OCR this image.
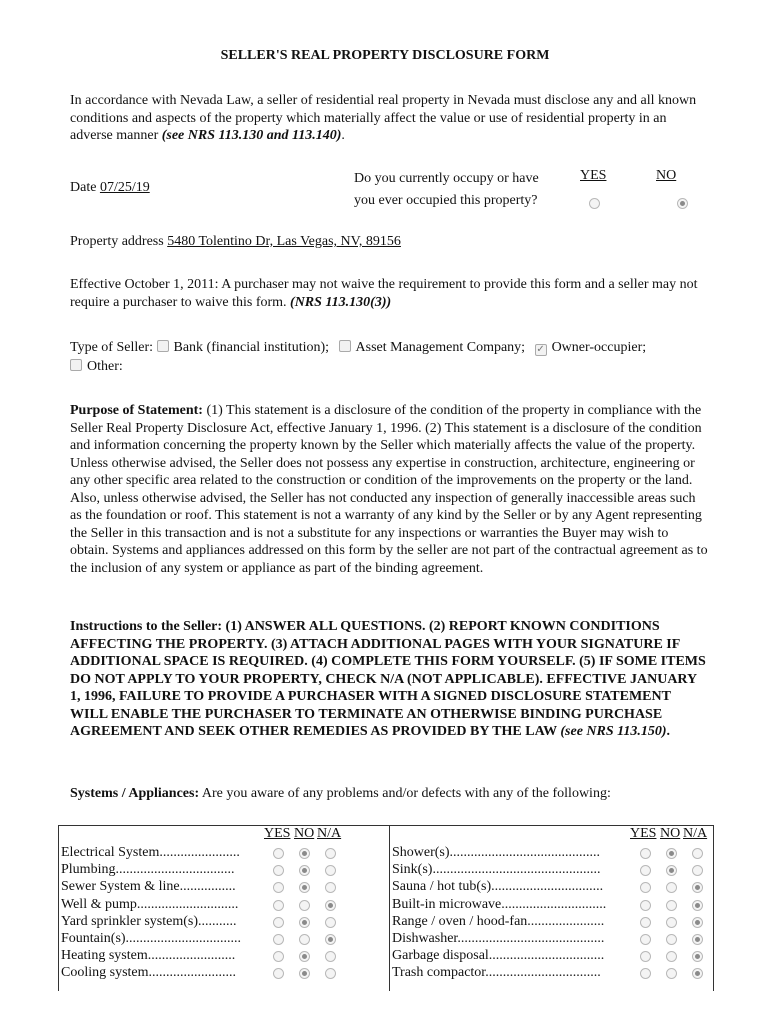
SELLER'S REAL PROPERTY DISCLOSURE FORM

In accordance with Nevada Law, a seller of residential real property in Nevada must disclose any and all known conditions and aspects of the property which materially affect the value or use of residential property in an adverse manner (see NRS 113.130 and 113.140).

Date 07/25/19
Do you currently occupy or have
you ever occupied this property?
YES	NO

Property address 5480 Tolentino Dr, Las Vegas, NV, 89156

Effective October 1, 2011: A purchaser may not waive the requirement to provide this form and a seller may not require a purchaser to waive this form. (NRS 113.130(3))

Type of Seller: Bank (financial institution); Asset Management Company; ✓ Owner-occupier;
Other:

Purpose of Statement: (1) This statement is a disclosure of the condition of the property in compliance with the Seller Real Property Disclosure Act, effective January 1, 1996. (2) This statement is a disclosure of the condition and information concerning the property known by the Seller which materially affects the value of the property. Unless otherwise advised, the Seller does not possess any expertise in construction, architecture, engineering or any other specific area related to the construction or condition of the improvements on the property or the land. Also, unless otherwise advised, the Seller has not conducted any inspection of generally inaccessible areas such as the foundation or roof. This statement is not a warranty of any kind by the Seller or by any Agent representing the Seller in this transaction and is not a substitute for any inspections or warranties the Buyer may wish to obtain. Systems and appliances addressed on this form by the seller are not part of the contractual agreement as to the inclusion of any system or appliance as part of the binding agreement.

Instructions to the Seller: (1) ANSWER ALL QUESTIONS. (2) REPORT KNOWN CONDITIONS AFFECTING THE PROPERTY. (3) ATTACH ADDITIONAL PAGES WITH YOUR SIGNATURE IF ADDITIONAL SPACE IS REQUIRED. (4) COMPLETE THIS FORM YOURSELF. (5) IF SOME ITEMS DO NOT APPLY TO YOUR PROPERTY, CHECK N/A (NOT APPLICABLE). EFFECTIVE JANUARY 1, 1996, FAILURE TO PROVIDE A PURCHASER WITH A SIGNED DISCLOSURE STATEMENT WILL ENABLE THE PURCHASER TO TERMINATE AN OTHERWISE BINDING PURCHASE AGREEMENT AND SEEK OTHER REMEDIES AS PROVIDED BY THE LAW (see NRS 113.150).

Systems / Appliances: Are you aware of any problems and/or defects with any of the following:

YES NO N/A
Electrical System.......................
Plumbing..................................
Sewer System & line................
Well & pump.............................
Yard sprinkler system(s)...........
Fountain(s).................................
Heating system.........................
Cooling system.........................
YES NO N/A
Shower(s)...........................................
Sink(s)................................................
Sauna / hot tub(s)................................
Built-in microwave..............................
Range / oven / hood-fan......................
Dishwasher..........................................
Garbage disposal.................................
Trash compactor.................................
